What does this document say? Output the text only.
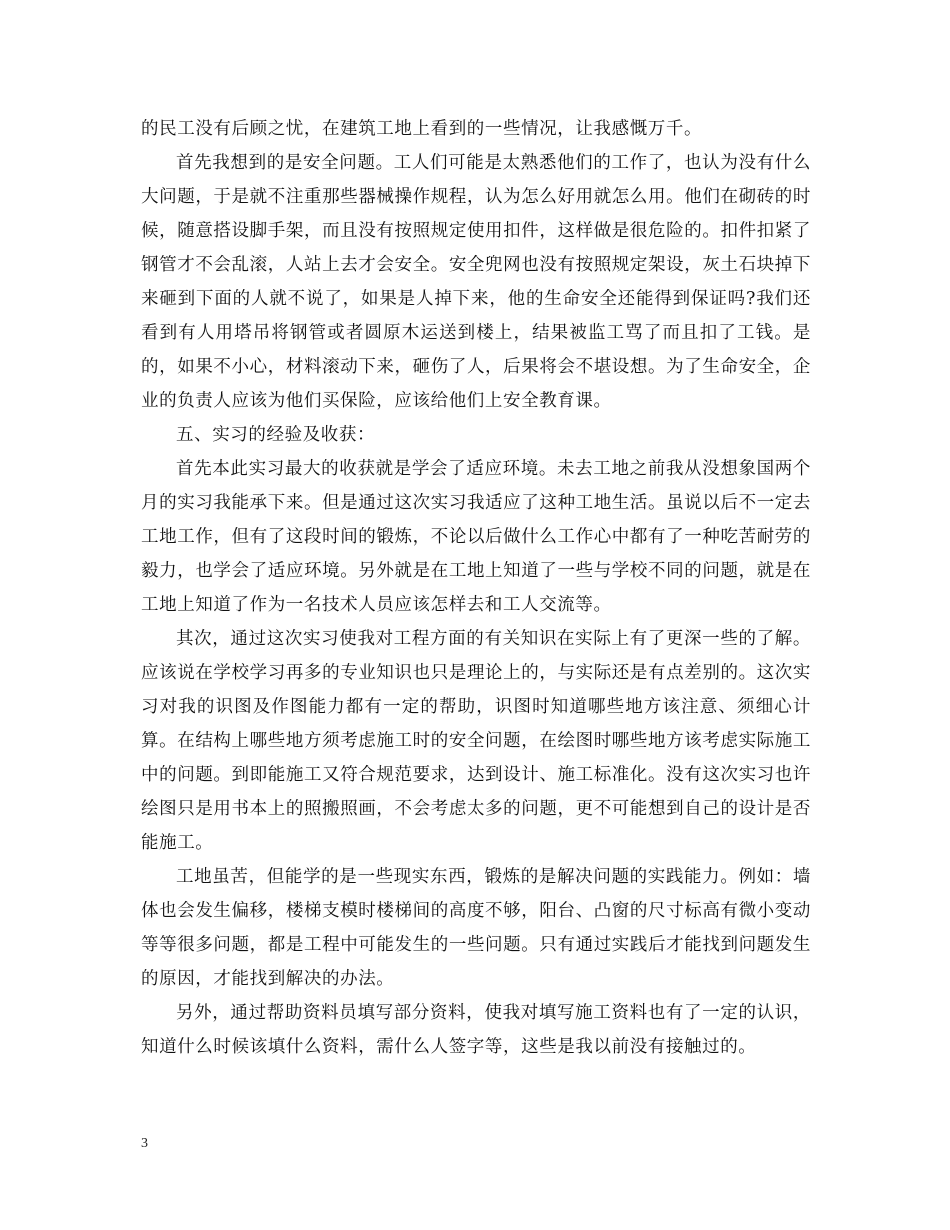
的民工没有后顾之忧，在建筑工地上看到的一些情况，让我感慨万千。

首先我想到的是安全问题。工人们可能是太熟悉他们的工作了，也认为没有什么大问题，于是就不注重那些器械操作规程，认为怎么好用就怎么用。他们在砌砖的时候，随意搭设脚手架，而且没有按照规定使用扣件，这样做是很危险的。扣件扣紧了钢管才不会乱滚，人站上去才会安全。安全兜网也没有按照规定架设，灰土石块掉下来砸到下面的人就不说了，如果是人掉下来，他的生命安全还能得到保证吗?我们还看到有人用塔吊将钢管或者圆原木运送到楼上，结果被监工骂了而且扣了工钱。是的，如果不小心，材料滚动下来，砸伤了人，后果将会不堪设想。为了生命安全，企业的负责人应该为他们买保险，应该给他们上安全教育课。

五、实习的经验及收获：

首先本此实习最大的收获就是学会了适应环境。未去工地之前我从没想象国两个月的实习我能承下来。但是通过这次实习我适应了这种工地生活。虽说以后不一定去工地工作，但有了这段时间的锻炼，不论以后做什么工作心中都有了一种吃苦耐劳的毅力，也学会了适应环境。另外就是在工地上知道了一些与学校不同的问题，就是在工地上知道了作为一名技术人员应该怎样去和工人交流等。

其次，通过这次实习使我对工程方面的有关知识在实际上有了更深一些的了解。应该说在学校学习再多的专业知识也只是理论上的，与实际还是有点差别的。这次实习对我的识图及作图能力都有一定的帮助，识图时知道哪些地方该注意、须细心计算。在结构上哪些地方须考虑施工时的安全问题，在绘图时哪些地方该考虑实际施工中的问题。到即能施工又符合规范要求，达到设计、施工标准化。没有这次实习也许绘图只是用书本上的照搬照画，不会考虑太多的问题，更不可能想到自己的设计是否能施工。

工地虽苦，但能学的是一些现实东西，锻炼的是解决问题的实践能力。例如：墙体也会发生偏移，楼梯支模时楼梯间的高度不够，阳台、凸窗的尺寸标高有微小变动等等很多问题，都是工程中可能发生的一些问题。只有通过实践后才能找到问题发生的原因，才能找到解决的办法。

另外，通过帮助资料员填写部分资料，使我对填写施工资料也有了一定的认识，知道什么时候该填什么资料，需什么人签字等，这些是我以前没有接触过的。

3
